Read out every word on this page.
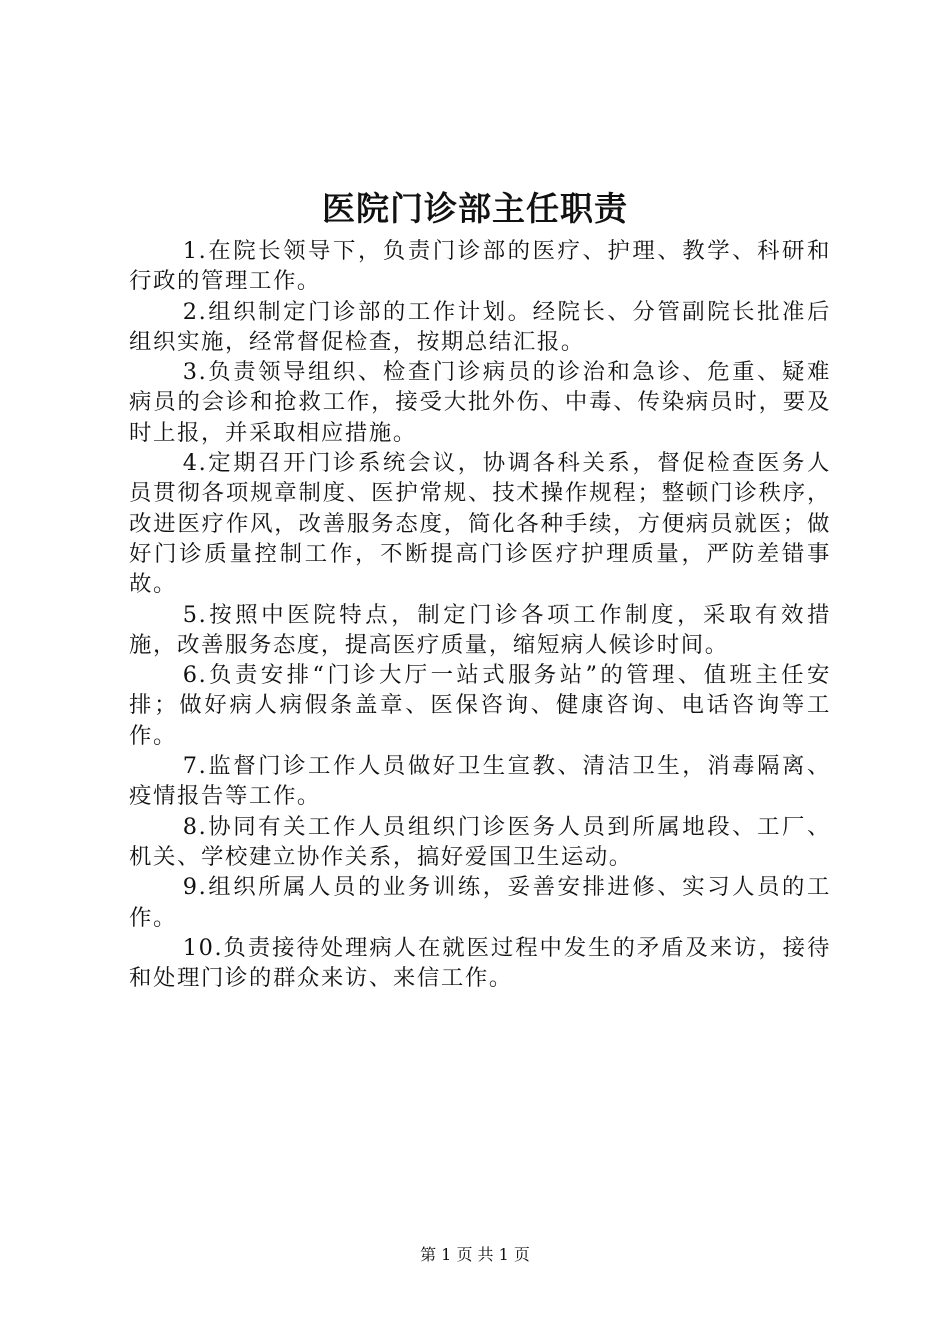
医院门诊部主任职责

1.在院长领导下，负责门诊部的医疗、护理、教学、科研和行政的管理工作。

2.组织制定门诊部的工作计划。经院长、分管副院长批准后组织实施，经常督促检查，按期总结汇报。

3.负责领导组织、检查门诊病员的诊治和急诊、危重、疑难病员的会诊和抢救工作，接受大批外伤、中毒、传染病员时，要及时上报，并采取相应措施。

4.定期召开门诊系统会议，协调各科关系，督促检查医务人员贯彻各项规章制度、医护常规、技术操作规程；整顿门诊秩序，改进医疗作风，改善服务态度，简化各种手续，方便病员就医；做好门诊质量控制工作，不断提高门诊医疗护理质量，严防差错事故。

5.按照中医院特点，制定门诊各项工作制度，采取有效措施，改善服务态度，提高医疗质量，缩短病人候诊时间。

6.负责安排“门诊大厅一站式服务站”的管理、值班主任安排；做好病人病假条盖章、医保咨询、健康咨询、电话咨询等工作。

7.监督门诊工作人员做好卫生宣教、清洁卫生，消毒隔离、疫情报告等工作。

8.协同有关工作人员组织门诊医务人员到所属地段、工厂、机关、学校建立协作关系，搞好爱国卫生运动。

9.组织所属人员的业务训练，妥善安排进修、实习人员的工作。

10.负责接待处理病人在就医过程中发生的矛盾及来访，接待和处理门诊的群众来访、来信工作。

第 1 页 共 1 页
